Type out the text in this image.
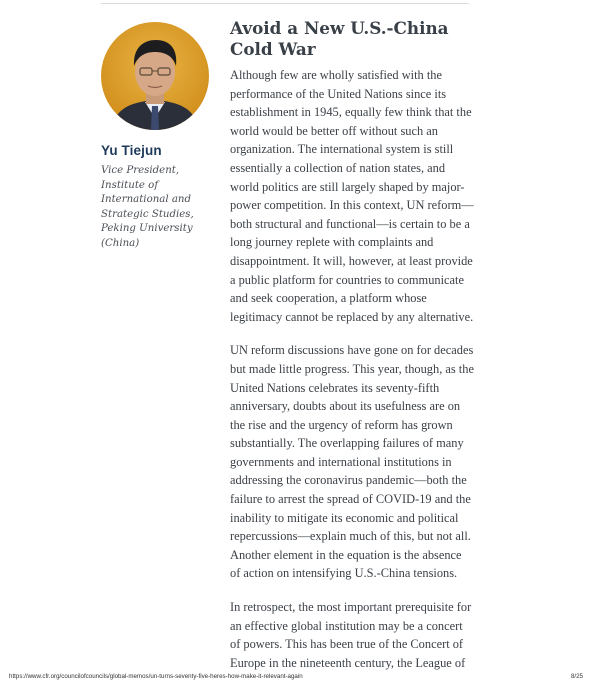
Yu Tiejun
Vice President, Institute of International and Strategic Studies, Peking University (China)
Avoid a New U.S.-China Cold War

Although few are wholly satisfied with the performance of the United Nations since its establishment in 1945, equally few think that the world would be better off without such an organization. The international system is still essentially a collection of nation states, and world politics are still largely shaped by major-power competition. In this context, UN reform—both structural and functional—is certain to be a long journey replete with complaints and disappointment. It will, however, at least provide a public platform for countries to communicate and seek cooperation, a platform whose legitimacy cannot be replaced by any alternative.

UN reform discussions have gone on for decades but made little progress. This year, though, as the United Nations celebrates its seventy-fifth anniversary, doubts about its usefulness are on the rise and the urgency of reform has grown substantially. The overlapping failures of many governments and international institutions in addressing the coronavirus pandemic—both the failure to arrest the spread of COVID-19 and the inability to mitigate its economic and political repercussions—explain much of this, but not all. Another element in the equation is the absence of action on intensifying U.S.-China tensions.

In retrospect, the most important prerequisite for an effective global institution may be a concert of powers. This has been true of the Concert of Europe in the nineteenth century, the League of

https://www.cfr.org/councilofcouncils/global-memos/un-turns-seventy-five-heres-how-make-it-relevant-again	8/25
